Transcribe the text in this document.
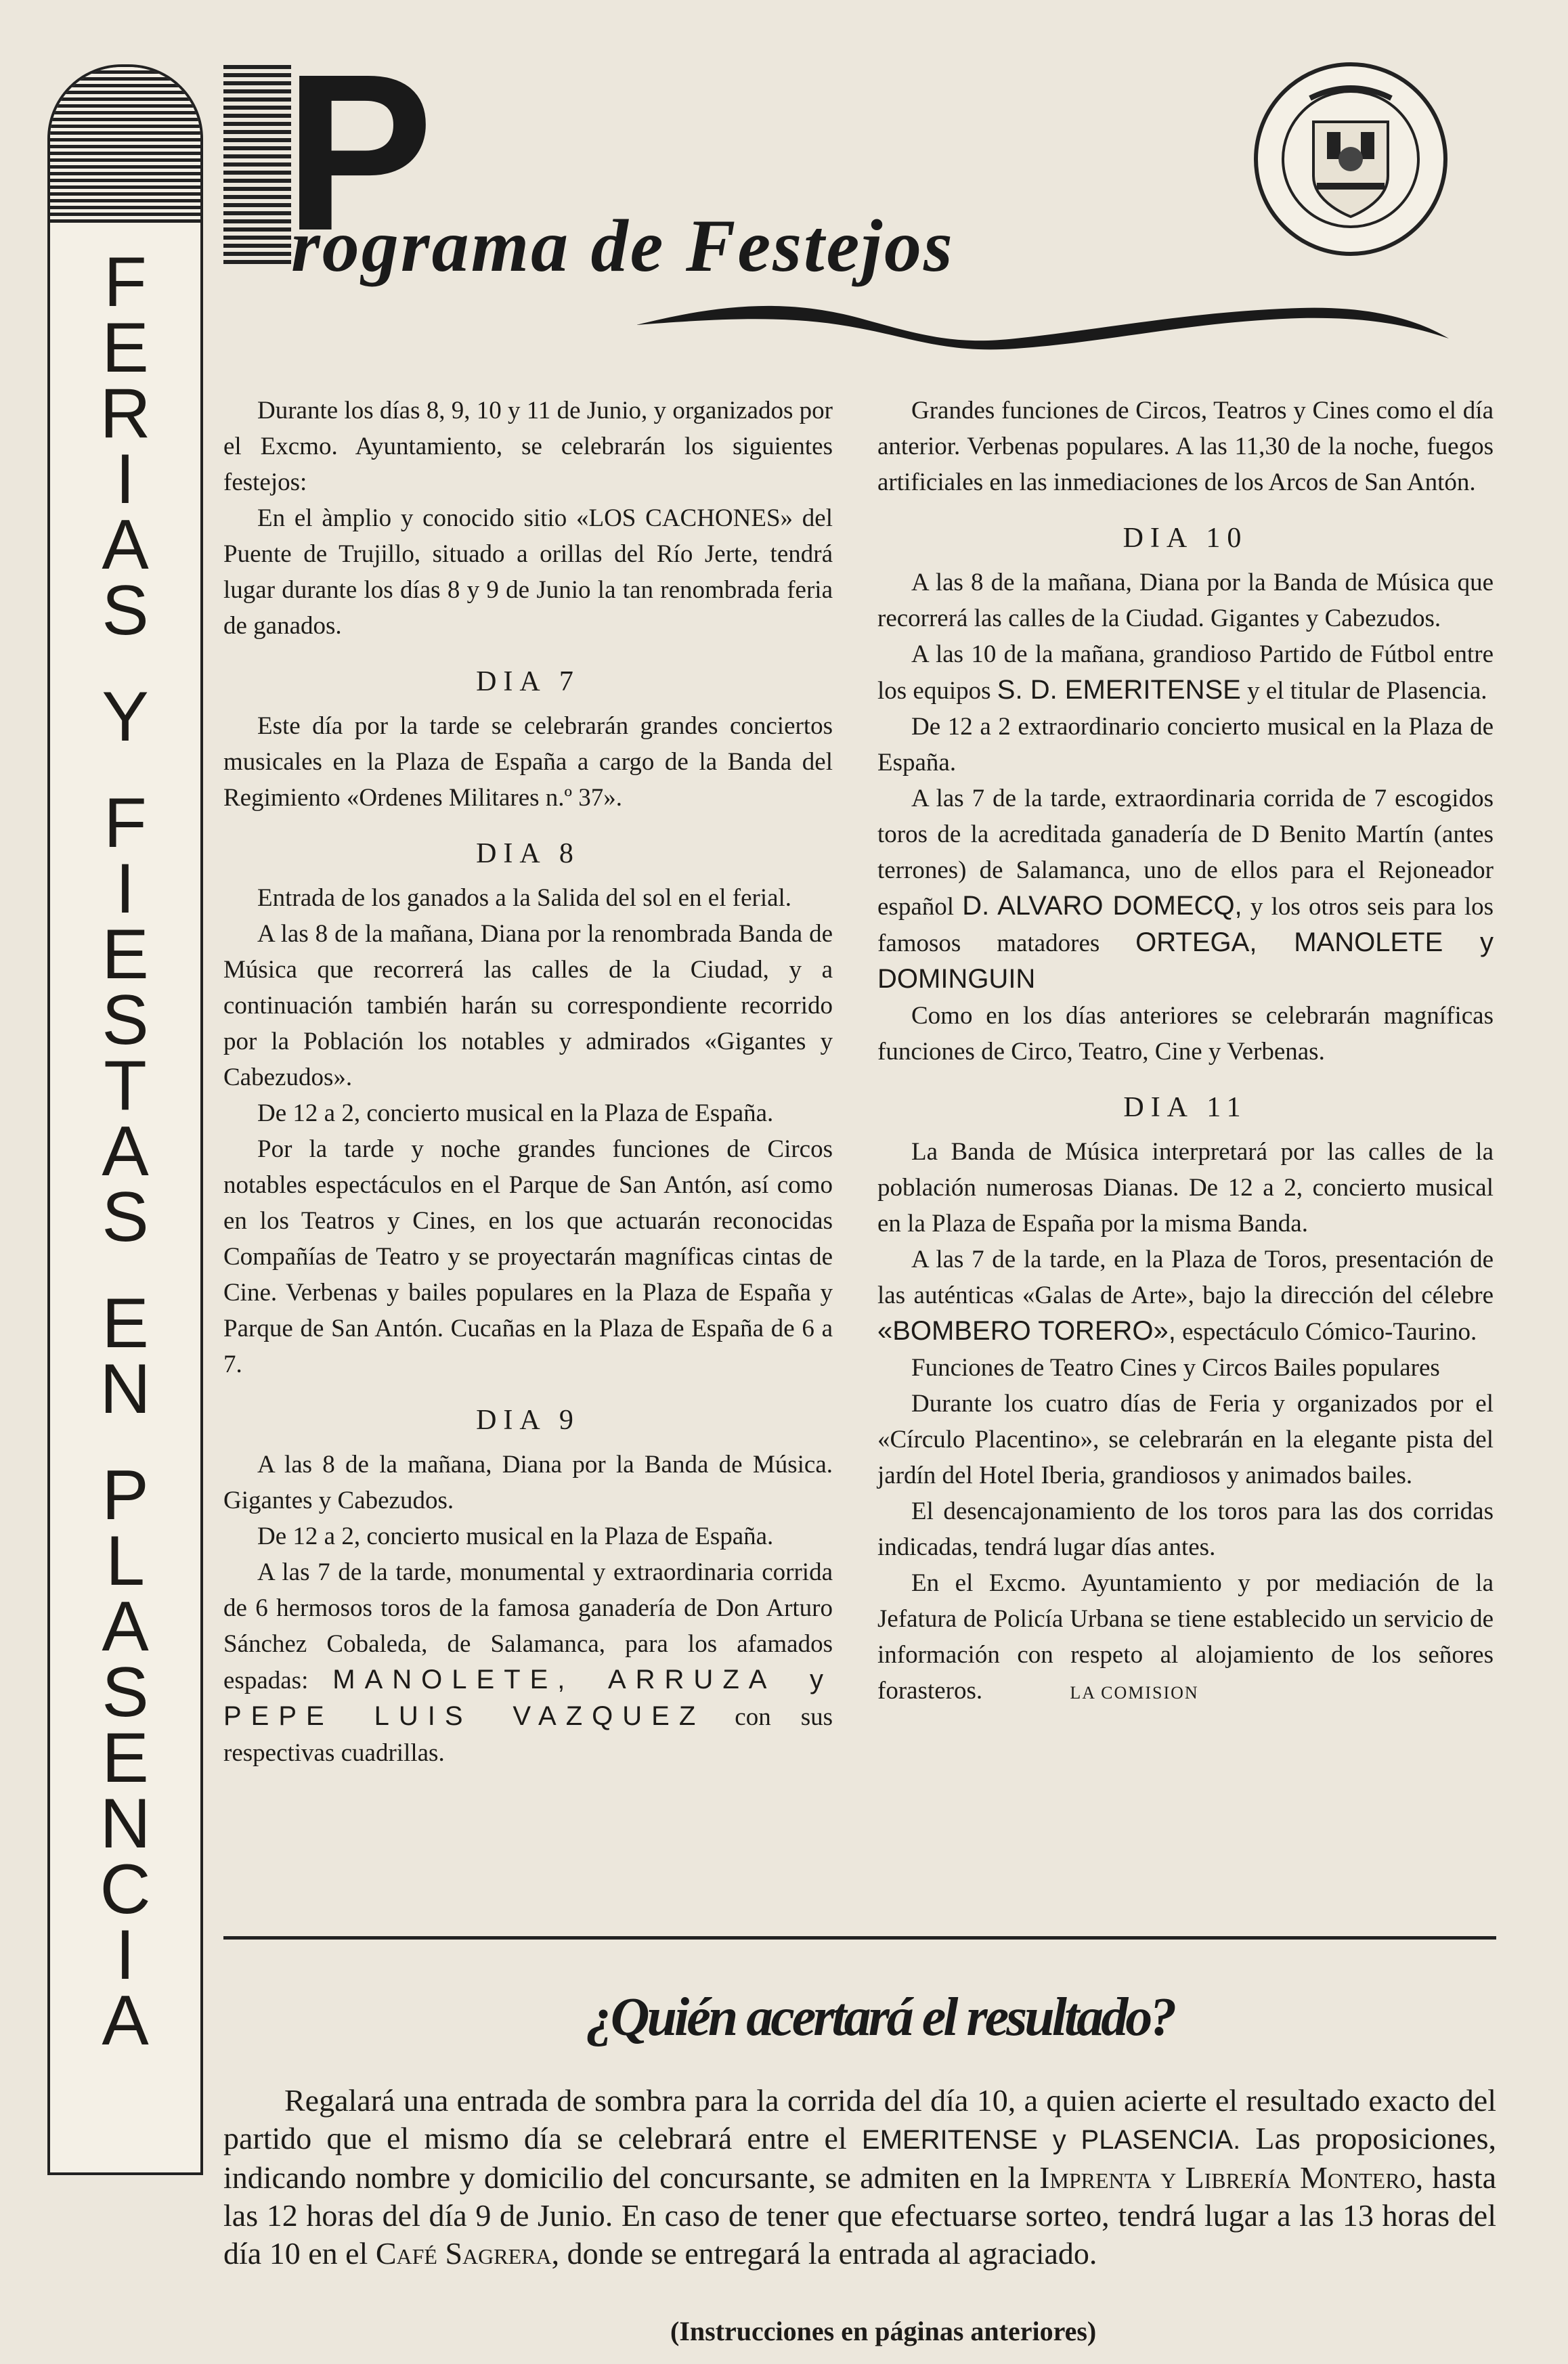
F
E
R
I
A
S
Y
F
I
E
S
T
A
S
E
N
P
L
A
S
E
N
C
I
A
P
rograma de Festejos

Durante los días 8, 9, 10 y 11 de Junio, y organizados por el Excmo. Ayuntamiento, se celebrarán los siguientes festejos:

En el àmplio y conocido sitio «LOS CACHONES» del Puente de Trujillo, situado a orillas del Río Jerte, tendrá lugar durante los días 8 y 9 de Junio la tan renombrada feria de ganados.

DIA 7

Este día por la tarde se celebrarán grandes conciertos musicales en la Plaza de España a cargo de la Banda del Regimiento «Ordenes Militares n.º 37».

DIA 8

Entrada de los ganados a la Salida del sol en el ferial.

A las 8 de la mañana, Diana por la renombrada Banda de Música que recorrerá las calles de la Ciudad, y a continuación también harán su correspondiente recorrido por la Población los notables y admirados «Gigantes y Cabezudos».

De 12 a 2, concierto musical en la Plaza de España.

Por la tarde y noche grandes funciones de Circos notables espectáculos en el Parque de San Antón, así como en los Teatros y Cines, en los que actuarán reconocidas Compañías de Teatro y se proyectarán magníficas cintas de Cine. Verbenas y bailes populares en la Plaza de España y Parque de San Antón. Cucañas en la Plaza de España de 6 a 7.

DIA 9

A las 8 de la mañana, Diana por la Banda de Música. Gigantes y Cabezudos.

De 12 a 2, concierto musical en la Plaza de España.

A las 7 de la tarde, monumental y extraordinaria corrida de 6 hermosos toros de la famosa ganadería de Don Arturo Sánchez Cobaleda, de Salamanca, para los afamados espadas: MANOLETE, ARRUZA y PEPE LUIS VAZQUEZ con sus respectivas cuadrillas.

Grandes funciones de Circos, Teatros y Cines como el día anterior. Verbenas populares. A las 11,30 de la noche, fuegos artificiales en las inmediaciones de los Arcos de San Antón.

DIA 10

A las 8 de la mañana, Diana por la Banda de Música que recorrerá las calles de la Ciudad. Gigantes y Cabezudos.

A las 10 de la mañana, grandioso Partido de Fútbol entre los equipos S. D. EMERITENSE y el titular de Plasencia.

De 12 a 2 extraordinario concierto musical en la Plaza de España.

A las 7 de la tarde, extraordinaria corrida de 7 escogidos toros de la acreditada ganadería de D Benito Martín (antes terrones) de Salamanca, uno de ellos para el Rejoneador español D. ALVARO DOMECQ, y los otros seis para los famosos matadores ORTEGA, MANOLETE y DOMINGUIN

Como en los días anteriores se celebrarán magníficas funciones de Circo, Teatro, Cine y Verbenas.

DIA 11

La Banda de Música interpretará por las calles de la población numerosas Dianas. De 12 a 2, concierto musical en la Plaza de España por la misma Banda.

A las 7 de la tarde, en la Plaza de Toros, presentación de las auténticas «Galas de Arte», bajo la dirección del célebre «BOMBERO TORERO», espectáculo Cómico-Taurino.

Funciones de Teatro Cines y Circos Bailes populares

Durante los cuatro días de Feria y organizados por el «Círculo Placentino», se celebrarán en la elegante pista del jardín del Hotel Iberia, grandiosos y animados bailes.

El desencajonamiento de los toros para las dos corridas indicadas, tendrá lugar días antes.

En el Excmo. Ayuntamiento y por mediación de la Jefatura de Policía Urbana se tiene establecido un servicio de información con respeto al alojamiento de los señores forasteros.	LA COMISION

¿Quién acertará el resultado?

Regalará una entrada de sombra para la corrida del día 10, a quien acierte el resultado exacto del partido que el mismo día se celebrará entre el EMERITENSE y PLASENCIA. Las proposiciones, indicando nombre y domicilio del concursante, se admiten en la Imprenta y Librería Montero, hasta las 12 horas del día 9 de Junio. En caso de tener que efectuarse sorteo, tendrá lugar a las 13 horas del día 10 en el Café Sagrera, donde se entregará la entrada al agraciado.

(Instrucciones en páginas anteriores)
